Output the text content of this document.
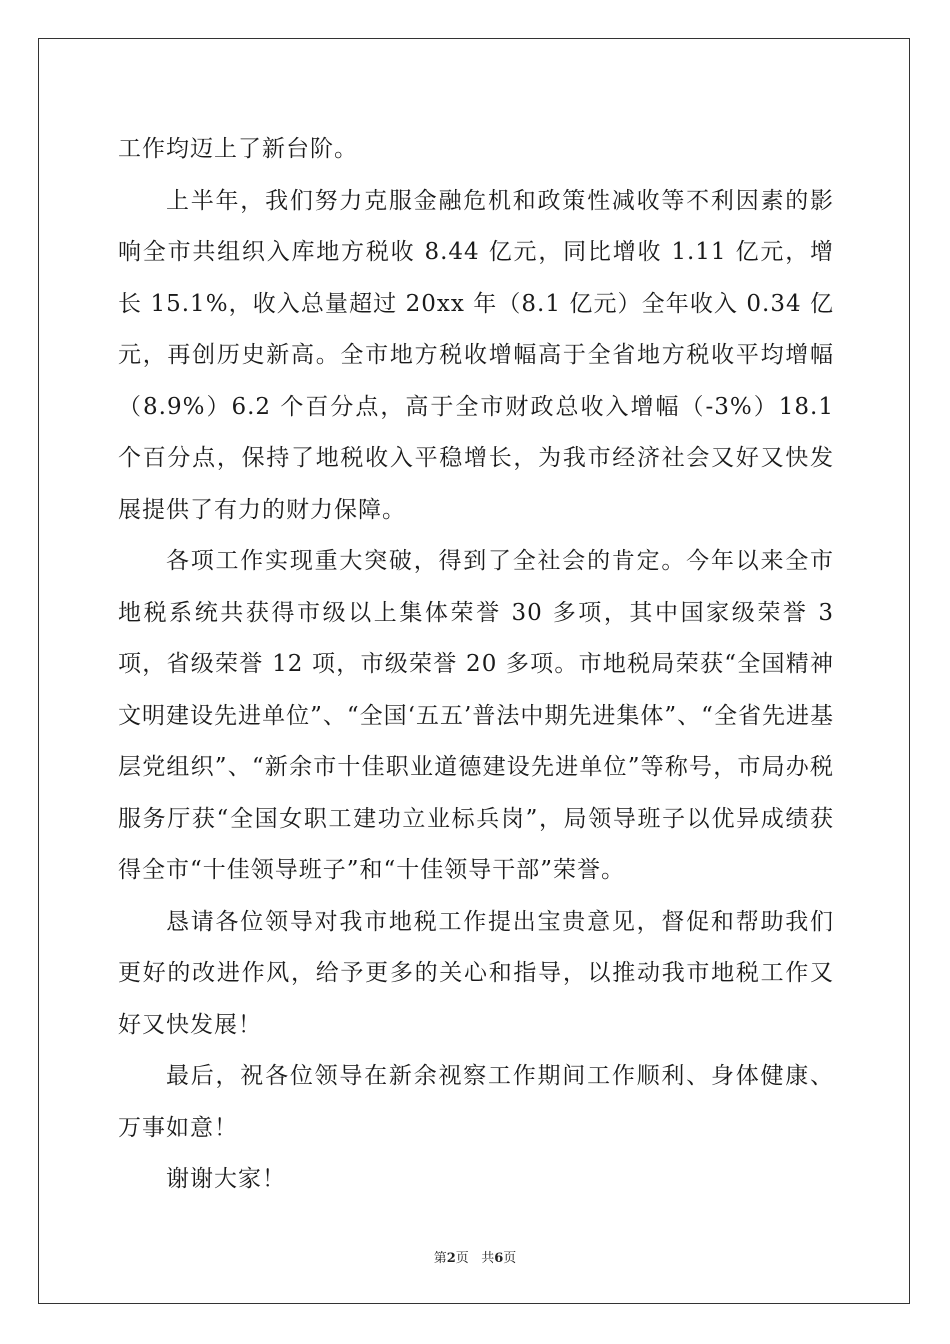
工作均迈上了新台阶。

上半年，我们努力克服金融危机和政策性减收等不利因素的影响全市共组织入库地方税收 8.44 亿元，同比增收 1.11 亿元，增长 15.1%，收入总量超过 20xx 年（8.1 亿元）全年收入 0.34 亿元，再创历史新高。全市地方税收增幅高于全省地方税收平均增幅（8.9%）6.2 个百分点，高于全市财政总收入增幅（-3%）18.1 个百分点，保持了地税收入平稳增长，为我市经济社会又好又快发展提供了有力的财力保障。

各项工作实现重大突破，得到了全社会的肯定。今年以来全市地税系统共获得市级以上集体荣誉 30 多项，其中国家级荣誉 3 项，省级荣誉 12 项，市级荣誉 20 多项。市地税局荣获“全国精神文明建设先进单位”、“全国‘五五’普法中期先进集体”、“全省先进基层党组织”、“新余市十佳职业道德建设先进单位”等称号，市局办税服务厅获“全国女职工建功立业标兵岗”，局领导班子以优异成绩获得全市“十佳领导班子”和“十佳领导干部”荣誉。

恳请各位领导对我市地税工作提出宝贵意见，督促和帮助我们更好的改进作风，给予更多的关心和指导，以推动我市地税工作又好又快发展！

最后，祝各位领导在新余视察工作期间工作顺利、身体健康、万事如意！

谢谢大家！

第2页 共6页
